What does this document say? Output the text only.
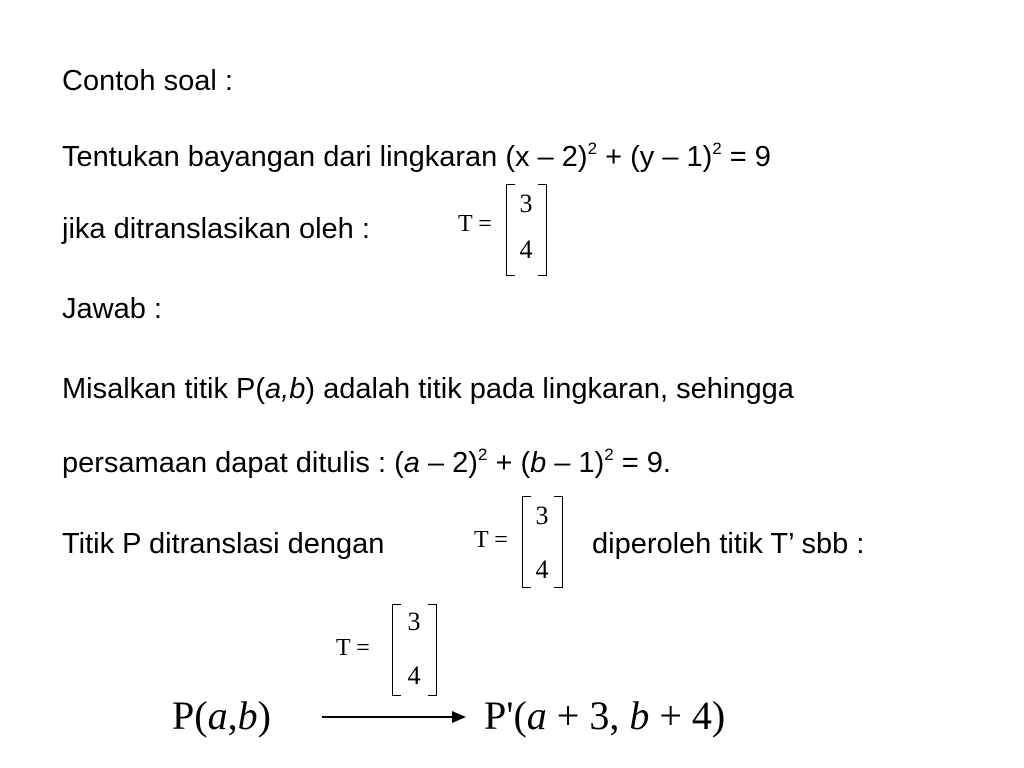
Contoh soal :
Tentukan bayangan dari lingkaran (x – 2)$^2$ + (y – 1)$^2$ = 9
jika ditranslasikan oleh :	T =
3
4
Jawab :
Misalkan titik P(a,b) adalah titik pada lingkaran, sehingga
persamaan dapat ditulis : (a – 2)$^2$ + (b – 1)$^2$ = 9.
Titik P ditranslasi dengan	T =
3
4
diperoleh titik T’ sbb :
T =
3
4
P(a,b)	P'(a + 3, b + 4)
